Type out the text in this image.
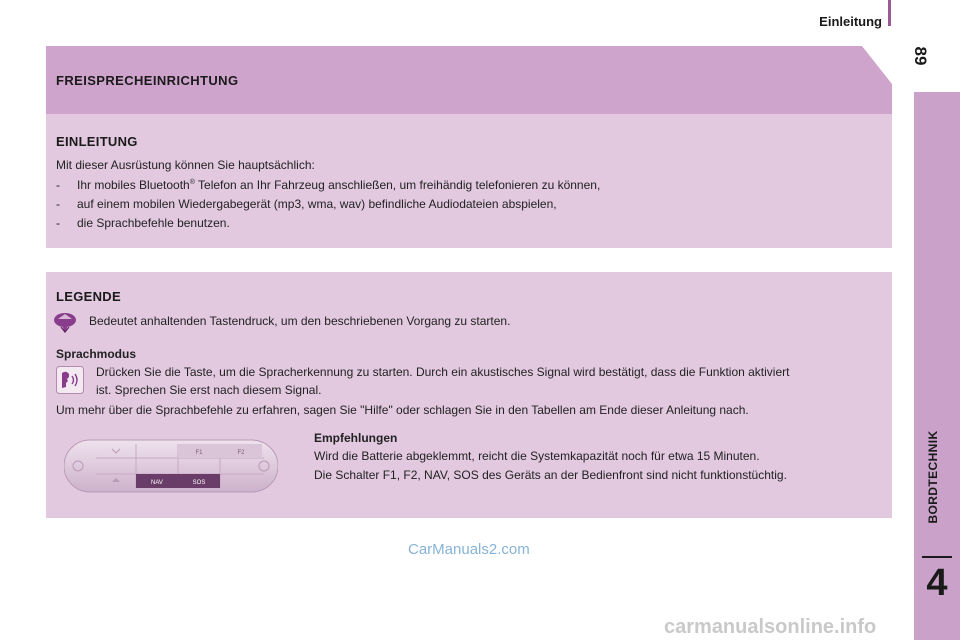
Einleitung
89
BORDTECHNIK
4
FREISPRECHEINRICHTUNG
EINLEITUNG
Mit dieser Ausrüstung können Sie hauptsächlich:
- Ihr mobiles Bluetooth® Telefon an Ihr Fahrzeug anschließen, um freihändig telefonieren zu können,
- auf einem mobilen Wiedergabegerät (mp3, wma, wav) befindliche Audiodateien abspielen,
- die Sprachbefehle benutzen.
LEGENDE
Bedeutet anhaltenden Tastendruck, um den beschriebenen Vorgang zu starten.
Sprachmodus
Drücken Sie die Taste, um die Spracherkennung zu starten. Durch ein akustisches Signal wird bestätigt, dass die Funktion aktiviert
ist. Sprechen Sie erst nach diesem Signal.
Um mehr über die Sprachbefehle zu erfahren, sagen Sie "Hilfe" oder schlagen Sie in den Tabellen am Ende dieser Anleitung nach.
F1	F2
NAV	SOS
Empfehlungen
Wird die Batterie abgeklemmt, reicht die Systemkapazität noch für etwa 15 Minuten.
Die Schalter F1, F2, NAV, SOS des Geräts an der Bedienfront sind nicht funktionstüchtig.
CarManuals2.com
carmanualsonline.info
